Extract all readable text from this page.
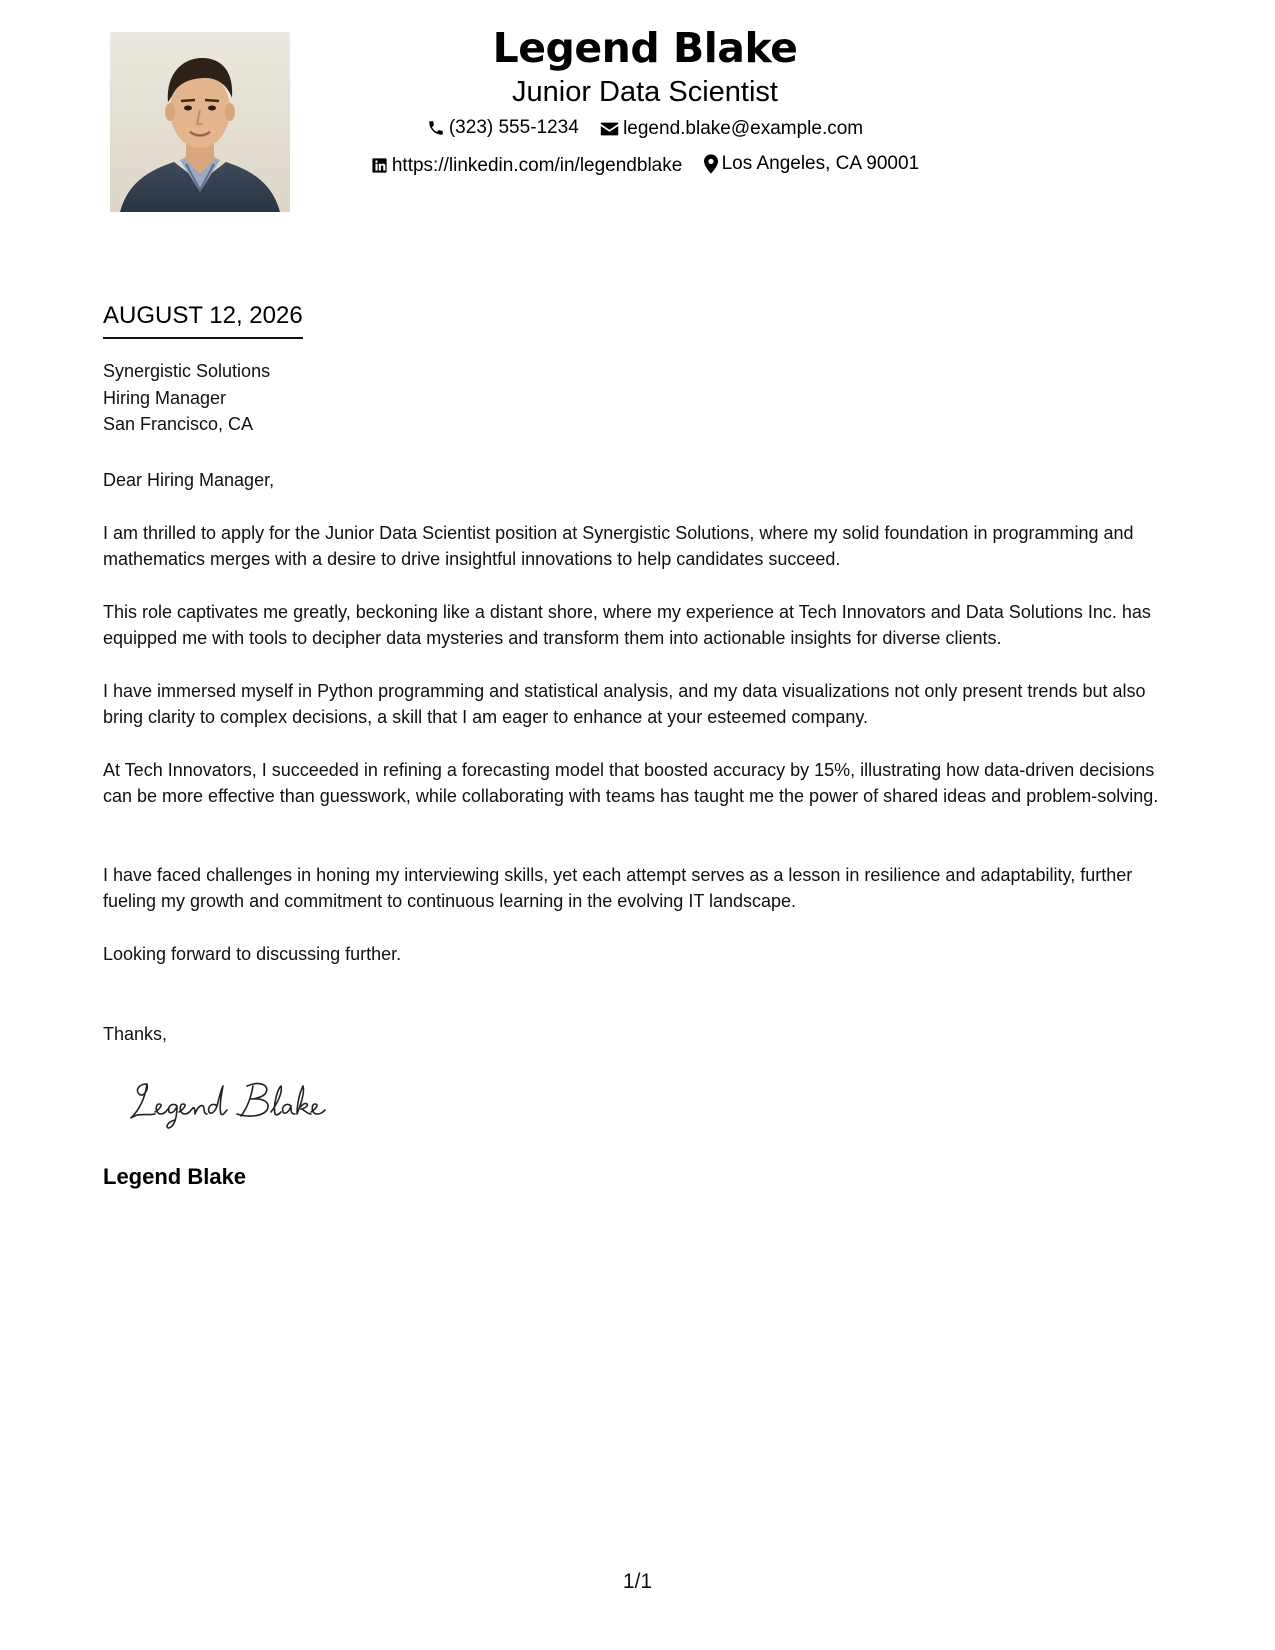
Legend Blake
Junior Data Scientist
(323) 555-1234
legend.blake@example.com
https://linkedin.com/in/legendblake
Los Angeles, CA 90001
AUGUST 12, 2026
Synergistic Solutions
Hiring Manager
San Francisco, CA
Dear Hiring Manager,

I am thrilled to apply for the Junior Data Scientist position at Synergistic Solutions, where my solid foundation in programming and mathematics merges with a desire to drive insightful innovations to help candidates succeed.

This role captivates me greatly, beckoning like a distant shore, where my experience at Tech Innovators and Data Solutions Inc. has equipped me with tools to decipher data mysteries and transform them into actionable insights for diverse clients.

I have immersed myself in Python programming and statistical analysis, and my data visualizations not only present trends but also bring clarity to complex decisions, a skill that I am eager to enhance at your esteemed company.

At Tech Innovators, I succeeded in refining a forecasting model that boosted accuracy by 15%, illustrating how data-driven decisions can be more effective than guesswork, while collaborating with teams has taught me the power of shared ideas and problem-solving.

I have faced challenges in honing my interviewing skills, yet each attempt serves as a lesson in resilience and adaptability, further fueling my growth and commitment to continuous learning in the evolving IT landscape.

Looking forward to discussing further.
Thanks,
Legend Blake
1/1
